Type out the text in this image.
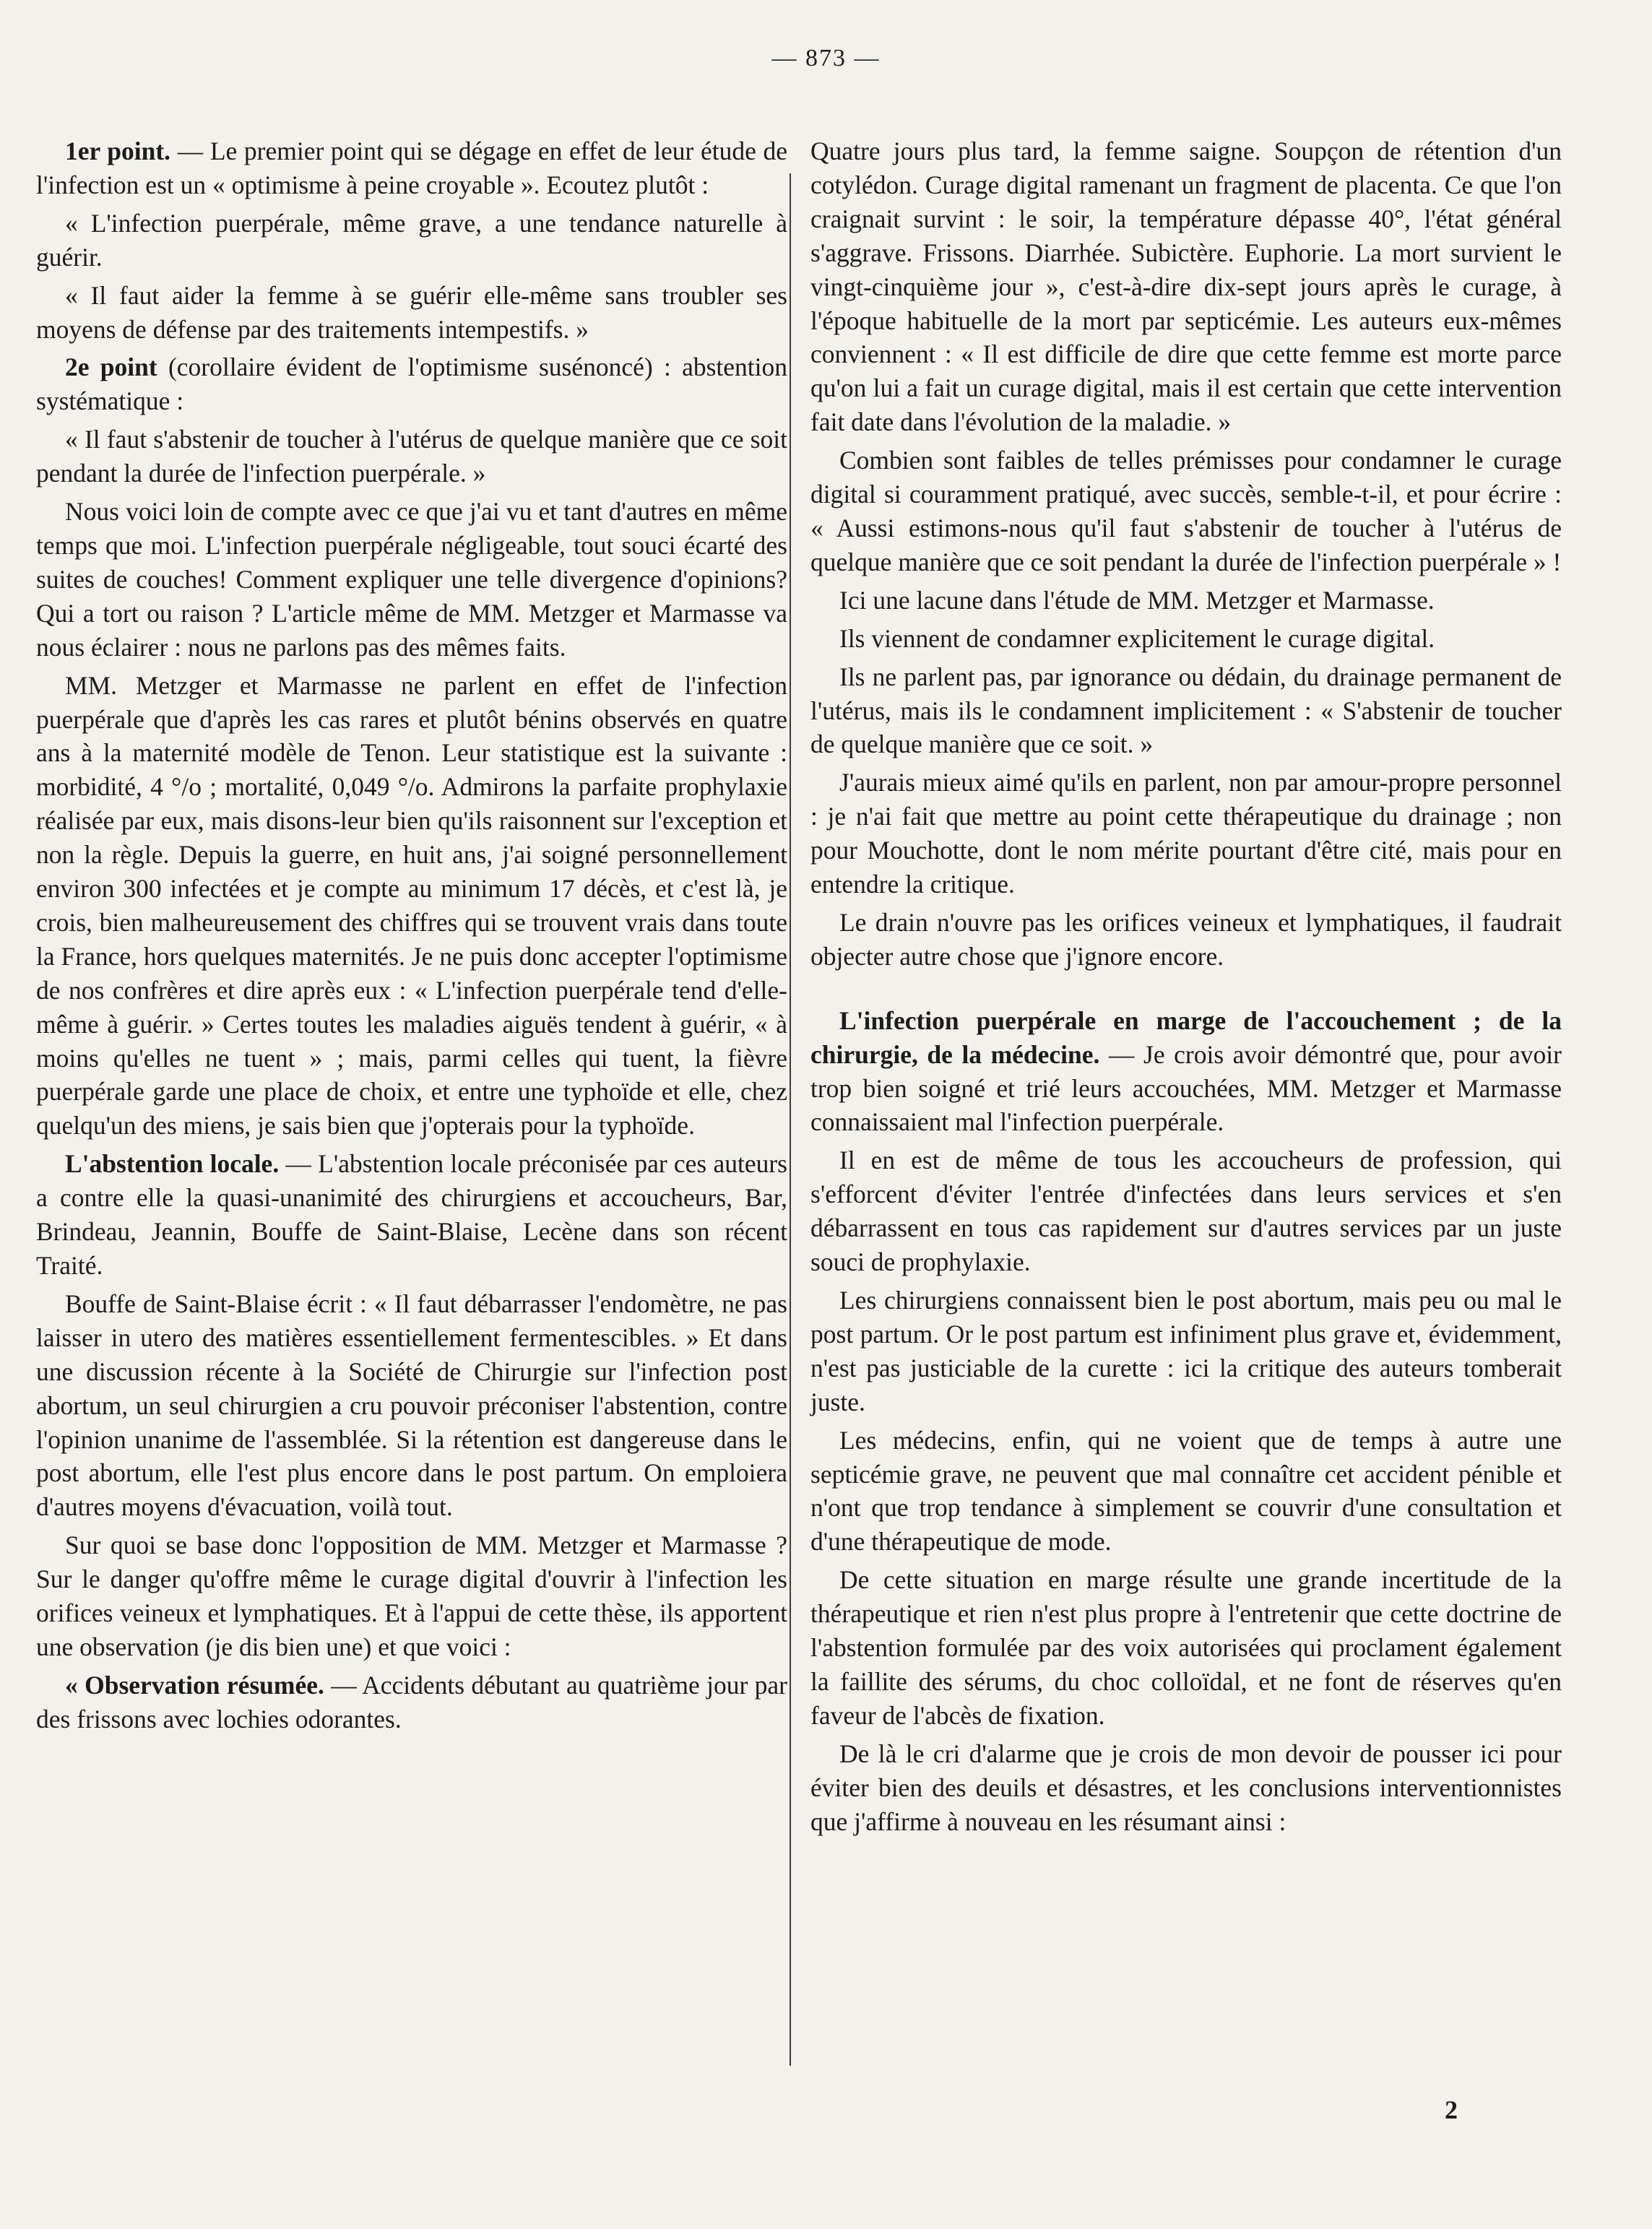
— 873 —

1er point. — Le premier point qui se dégage en effet de leur étude de l'infection est un « optimisme à peine croyable ». Ecoutez plutôt :

« L'infection puerpérale, même grave, a une tendance naturelle à guérir.

« Il faut aider la femme à se guérir elle-même sans troubler ses moyens de défense par des traitements intempestifs. »

2e point (corollaire évident de l'optimisme susénoncé) : abstention systématique :

« Il faut s'abstenir de toucher à l'utérus de quelque manière que ce soit pendant la durée de l'infection puerpérale. »

Nous voici loin de compte avec ce que j'ai vu et tant d'autres en même temps que moi. L'infection puerpérale négligeable, tout souci écarté des suites de couches! Comment expliquer une telle divergence d'opinions? Qui a tort ou raison ? L'article même de MM. Metzger et Marmasse va nous éclairer : nous ne parlons pas des mêmes faits.

MM. Metzger et Marmasse ne parlent en effet de l'infection puerpérale que d'après les cas rares et plutôt bénins observés en quatre ans à la maternité modèle de Tenon. Leur statistique est la suivante : morbidité, 4 °/o ; mortalité, 0,049 °/o. Admirons la parfaite prophylaxie réalisée par eux, mais disons-leur bien qu'ils raisonnent sur l'exception et non la règle. Depuis la guerre, en huit ans, j'ai soigné personnellement environ 300 infectées et je compte au minimum 17 décès, et c'est là, je crois, bien malheureusement des chiffres qui se trouvent vrais dans toute la France, hors quelques maternités. Je ne puis donc accepter l'optimisme de nos confrères et dire après eux : « L'infection puerpérale tend d'elle-même à guérir. » Certes toutes les maladies aiguës tendent à guérir, « à moins qu'elles ne tuent » ; mais, parmi celles qui tuent, la fièvre puerpérale garde une place de choix, et entre une typhoïde et elle, chez quelqu'un des miens, je sais bien que j'opterais pour la typhoïde.

L'abstention locale. — L'abstention locale préconisée par ces auteurs a contre elle la quasi-unanimité des chirurgiens et accoucheurs, Bar, Brindeau, Jeannin, Bouffe de Saint-Blaise, Lecène dans son récent Traité.

Bouffe de Saint-Blaise écrit : « Il faut débarrasser l'endomètre, ne pas laisser in utero des matières essentiellement fermentescibles. » Et dans une discussion récente à la Société de Chirurgie sur l'infection post abortum, un seul chirurgien a cru pouvoir préconiser l'abstention, contre l'opinion unanime de l'assemblée. Si la rétention est dangereuse dans le post abortum, elle l'est plus encore dans le post partum. On emploiera d'autres moyens d'évacuation, voilà tout.

Sur quoi se base donc l'opposition de MM. Metzger et Marmasse ? Sur le danger qu'offre même le curage digital d'ouvrir à l'infection les orifices veineux et lymphatiques. Et à l'appui de cette thèse, ils apportent une observation (je dis bien une) et que voici :

« Observation résumée. — Accidents débutant au quatrième jour par des frissons avec lochies odorantes.

Quatre jours plus tard, la femme saigne. Soupçon de rétention d'un cotylédon. Curage digital ramenant un fragment de placenta. Ce que l'on craignait survint : le soir, la température dépasse 40°, l'état général s'aggrave. Frissons. Diarrhée. Subictère. Euphorie. La mort survient le vingt-cinquième jour », c'est-à-dire dix-sept jours après le curage, à l'époque habituelle de la mort par septicémie. Les auteurs eux-mêmes conviennent : « Il est difficile de dire que cette femme est morte parce qu'on lui a fait un curage digital, mais il est certain que cette intervention fait date dans l'évolution de la maladie. »

Combien sont faibles de telles prémisses pour condamner le curage digital si couramment pratiqué, avec succès, semble-t-il, et pour écrire : « Aussi estimons-nous qu'il faut s'abstenir de toucher à l'utérus de quelque manière que ce soit pendant la durée de l'infection puerpérale » !

Ici une lacune dans l'étude de MM. Metzger et Marmasse.

Ils viennent de condamner explicitement le curage digital.

Ils ne parlent pas, par ignorance ou dédain, du drainage permanent de l'utérus, mais ils le condamnent implicitement : « S'abstenir de toucher de quelque manière que ce soit. »

J'aurais mieux aimé qu'ils en parlent, non par amour-propre personnel : je n'ai fait que mettre au point cette thérapeutique du drainage ; non pour Mouchotte, dont le nom mérite pourtant d'être cité, mais pour en entendre la critique.

Le drain n'ouvre pas les orifices veineux et lymphatiques, il faudrait objecter autre chose que j'ignore encore.

L'infection puerpérale en marge de l'accouchement ; de la chirurgie, de la médecine. — Je crois avoir démontré que, pour avoir trop bien soigné et trié leurs accouchées, MM. Metzger et Marmasse connaissaient mal l'infection puerpérale.

Il en est de même de tous les accoucheurs de profession, qui s'efforcent d'éviter l'entrée d'infectées dans leurs services et s'en débarrassent en tous cas rapidement sur d'autres services par un juste souci de prophylaxie.

Les chirurgiens connaissent bien le post abortum, mais peu ou mal le post partum. Or le post partum est infiniment plus grave et, évidemment, n'est pas justiciable de la curette : ici la critique des auteurs tomberait juste.

Les médecins, enfin, qui ne voient que de temps à autre une septicémie grave, ne peuvent que mal connaître cet accident pénible et n'ont que trop tendance à simplement se couvrir d'une consultation et d'une thérapeutique de mode.

De cette situation en marge résulte une grande incertitude de la thérapeutique et rien n'est plus propre à l'entretenir que cette doctrine de l'abstention formulée par des voix autorisées qui proclament également la faillite des sérums, du choc colloïdal, et ne font de réserves qu'en faveur de l'abcès de fixation.

De là le cri d'alarme que je crois de mon devoir de pousser ici pour éviter bien des deuils et désastres, et les conclusions interventionnistes que j'affirme à nouveau en les résumant ainsi :

2
